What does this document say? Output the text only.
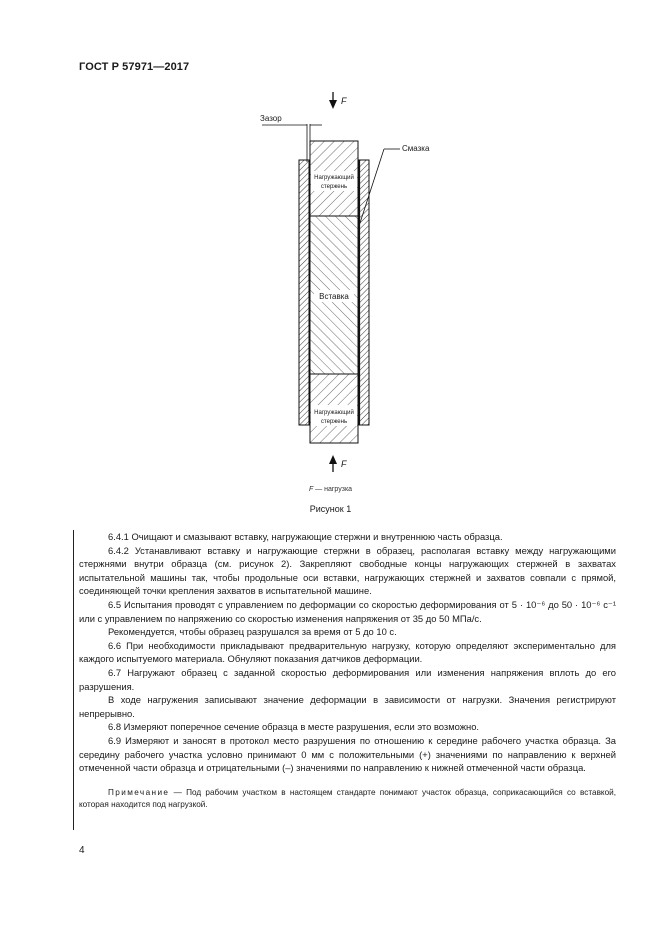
ГОСТ Р 57971—2017
F
Нагружающий
стержень
Вставка
Нагружающий
стержень
Зазор
Смазка
F
F — нагрузка
Рисунок 1

6.4.1 Очищают и смазывают вставку, нагружающие стержни и внутреннюю часть образца.

6.4.2 Устанавливают вставку и нагружающие стержни в образец, располагая вставку между нагружающими стержнями внутри образца (см. рисунок 2). Закрепляют свободные концы нагружающих стержней в захватах испытательной машины так, чтобы продольные оси вставки, нагружающих стержней и захватов совпали с прямой, соединяющей точки крепления захватов в испытательной машине.

6.5 Испытания проводят с управлением по деформации со скоростью деформирования от 5 · 10⁻⁶ до 50 · 10⁻⁶ с⁻¹ или с управлением по напряжению со скоростью изменения напряжения от 35 до 50 МПа/с.

Рекомендуется, чтобы образец разрушался за время от 5 до 10 с.

6.6 При необходимости прикладывают предварительную нагрузку, которую определяют экспериментально для каждого испытуемого материала. Обнуляют показания датчиков деформации.

6.7 Нагружают образец с заданной скоростью деформирования или изменения напряжения вплоть до его разрушения.

В ходе нагружения записывают значение деформации в зависимости от нагрузки. Значения регистрируют непрерывно.

6.8 Измеряют поперечное сечение образца в месте разрушения, если это возможно.

6.9 Измеряют и заносят в протокол место разрушения по отношению к середине рабочего участка образца. За середину рабочего участка условно принимают 0 мм с положительными (+) значениями по направлению к верхней отмеченной части образца и отрицательными (–) значениями по направлению к нижней отмеченной части образца.

Примечание — Под рабочим участком в настоящем стандарте понимают участок образца, соприкасающийся со вставкой, которая находится под нагрузкой.

4
